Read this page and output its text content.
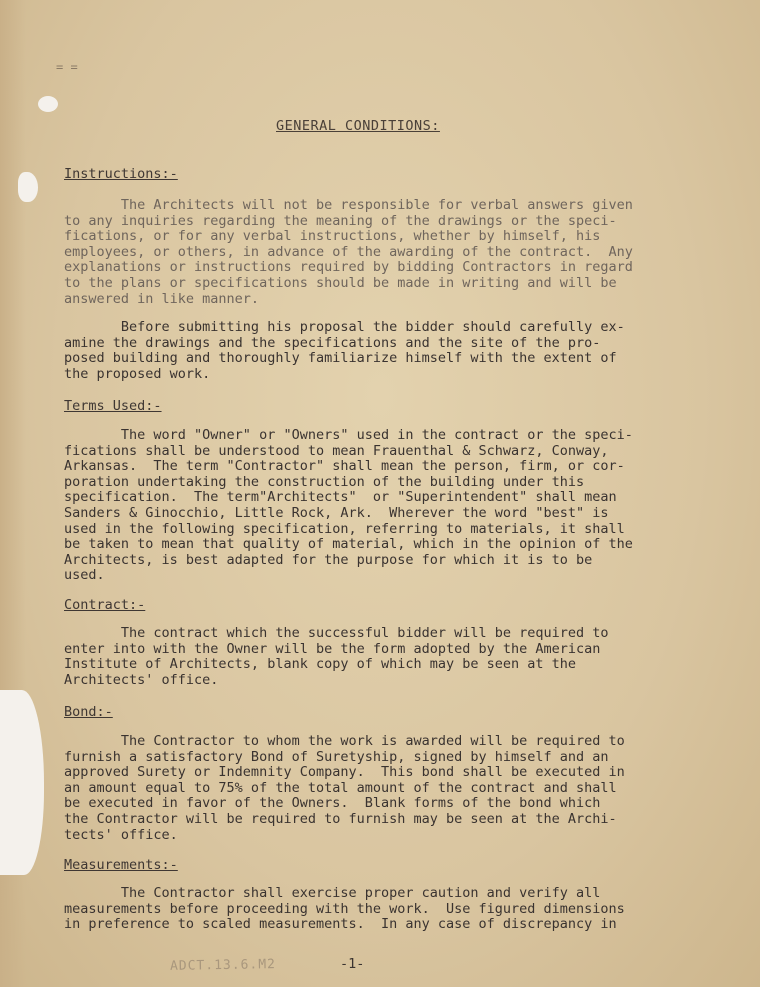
= =
GENERAL CONDITIONS:
Instructions:-

The Architects will not be responsible for verbal answers given
to any inquiries regarding the meaning of the drawings or the speci-
fications, or for any verbal instructions, whether by himself, his
employees, or others, in advance of the awarding of the contract.  Any
explanations or instructions required by bidding Contractors in regard
to the plans or specifications should be made in writing and will be
answered in like manner.

Before submitting his proposal the bidder should carefully ex-
amine the drawings and the specifications and the site of the pro-
posed building and thoroughly familiarize himself with the extent of
the proposed work.

Terms Used:-

The word "Owner" or "Owners" used in the contract or the speci-
fications shall be understood to mean Frauenthal & Schwarz, Conway,
Arkansas.  The term "Contractor" shall mean the person, firm, or cor-
poration undertaking the construction of the building under this
specification.  The term"Architects"  or "Superintendent" shall mean
Sanders & Ginocchio, Little Rock, Ark.  Wherever the word "best" is
used in the following specification, referring to materials, it shall
be taken to mean that quality of material, which in the opinion of the
Architects, is best adapted for the purpose for which it is to be
used.

Contract:-

The contract which the successful bidder will be required to
enter into with the Owner will be the form adopted by the American
Institute of Architects, blank copy of which may be seen at the
Architects' office.

Bond:-

The Contractor to whom the work is awarded will be required to
furnish a satisfactory Bond of Suretyship, signed by himself and an
approved Surety or Indemnity Company.  This bond shall be executed in
an amount equal to 75% of the total amount of the contract and shall
be executed in favor of the Owners.  Blank forms of the bond which
the Contractor will be required to furnish may be seen at the Archi-
tects' office.

Measurements:-

The Contractor shall exercise proper caution and verify all
measurements before proceeding with the work.  Use figured dimensions
in preference to scaled measurements.  In any case of discrepancy in

ADCT.13.6.M2	-1-
